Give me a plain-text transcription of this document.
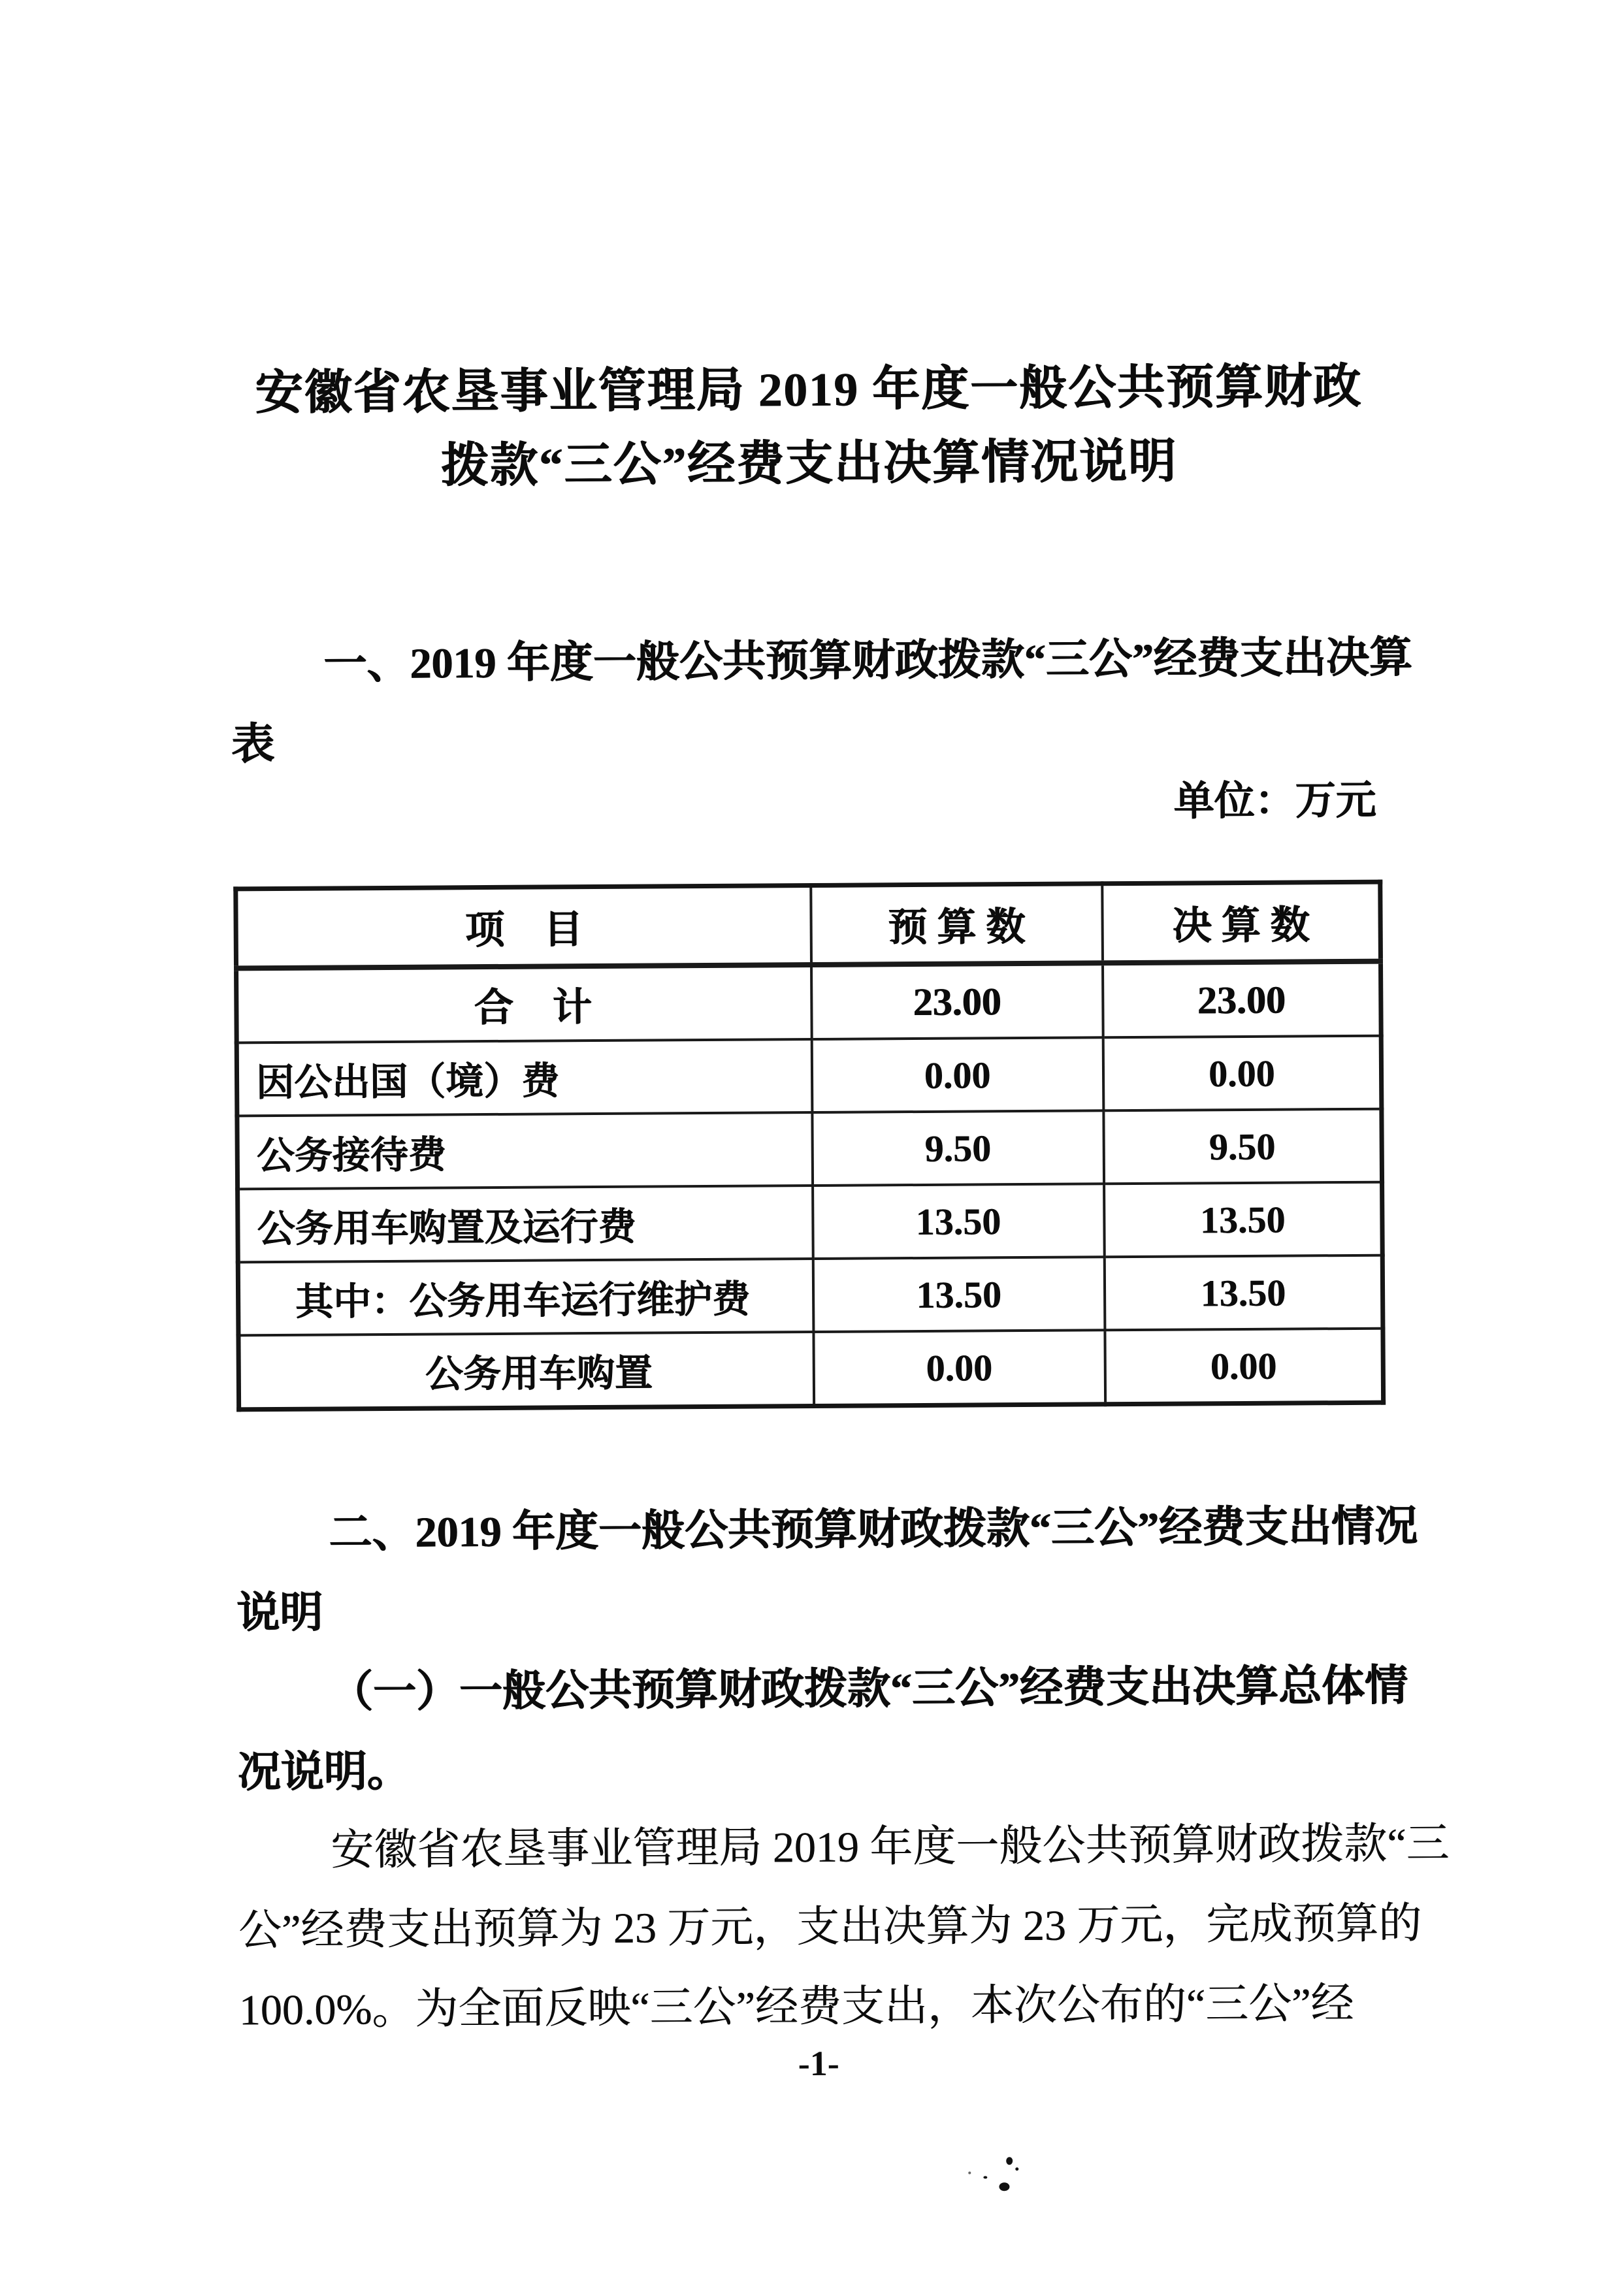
安徽省农垦事业管理局 2019 年度一般公共预算财政
拨款“三公”经费支出决算情况说明
一、2019 年度一般公共预算财政拨款“三公”经费支出决算
表
单位：万元
项　目	预 算 数	决 算 数
合　计	23.00	23.00
因公出国（境）费	0.00	0.00
公务接待费	9.50	9.50
公务用车购置及运行费	13.50	13.50
其中：公务用车运行维护费	13.50	13.50
公务用车购置	0.00	0.00
二、2019 年度一般公共预算财政拨款“三公”经费支出情况
说明
（一）一般公共预算财政拨款“三公”经费支出决算总体情
况说明。
安徽省农垦事业管理局 2019 年度一般公共预算财政拨款“三
公”经费支出预算为 23 万元，支出决算为 23 万元，完成预算的
100.0%。为全面反映“三公”经费支出，本次公布的“三公”经
-1-
